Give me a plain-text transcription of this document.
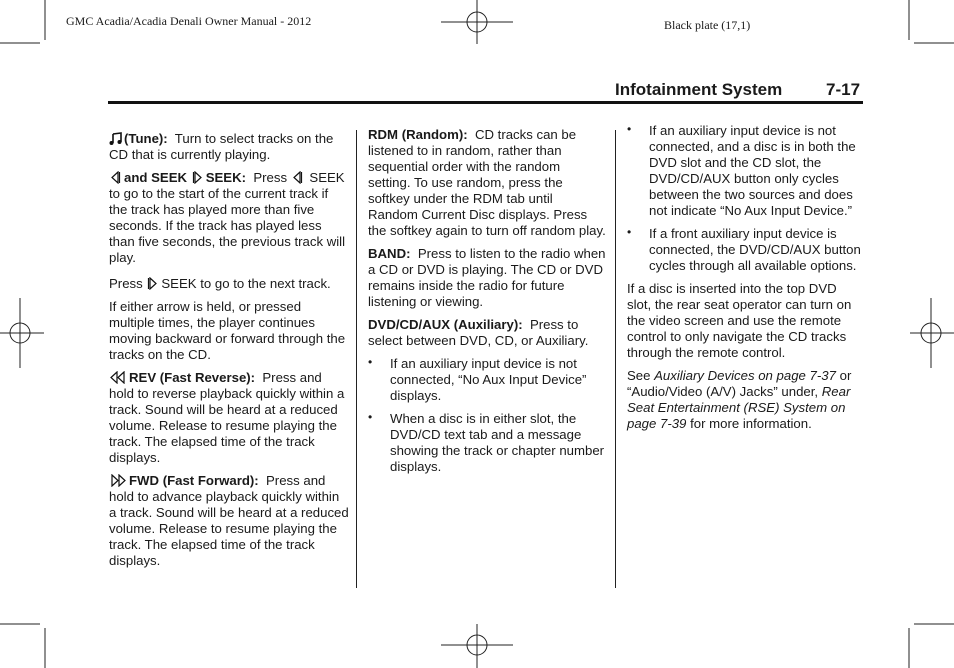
GMC Acadia/Acadia Denali Owner Manual - 2012	Black plate (17,1)
Infotainment System	7-17

(Tune): Turn to select tracks on the CD that is currently playing.

and SEEK SEEK: Press SEEK to go to the start of the current track if the track has played more than five seconds. If the track has played less than five seconds, the previous track will play.

Press SEEK to go to the next track.

If either arrow is held, or pressed multiple times, the player continues moving backward or forward through the tracks on the CD.

REV (Fast Reverse): Press and hold to reverse playback quickly within a track. Sound will be heard at a reduced volume. Release to resume playing the track. The elapsed time of the track displays.

FWD (Fast Forward): Press and hold to advance playback quickly within a track. Sound will be heard at a reduced volume. Release to resume playing the track. The elapsed time of the track displays.

RDM (Random): CD tracks can be listened to in random, rather than sequential order with the random setting. To use random, press the softkey under the RDM tab until Random Current Disc displays. Press the softkey again to turn off random play.

BAND: Press to listen to the radio when a CD or DVD is playing. The CD or DVD remains inside the radio for future listening or viewing.

DVD/CD/AUX (Auxiliary): Press to select between DVD, CD, or Auxiliary.

• If an auxiliary input device is not connected, “No Aux Input Device” displays.
• When a disc is in either slot, the DVD/CD text tab and a message showing the track or chapter number displays.
• If an auxiliary input device is not connected, and a disc is in both the DVD slot and the CD slot, the DVD/CD/AUX button only cycles between the two sources and does not indicate “No Aux Input Device.”
• If a front auxiliary input device is connected, the DVD/CD/AUX button cycles through all available options.

If a disc is inserted into the top DVD slot, the rear seat operator can turn on the video screen and use the remote control to only navigate the CD tracks through the remote control.

See Auxiliary Devices on page 7-37 or “Audio/Video (A/V) Jacks” under, Rear Seat Entertainment (RSE) System on page 7-39 for more information.
